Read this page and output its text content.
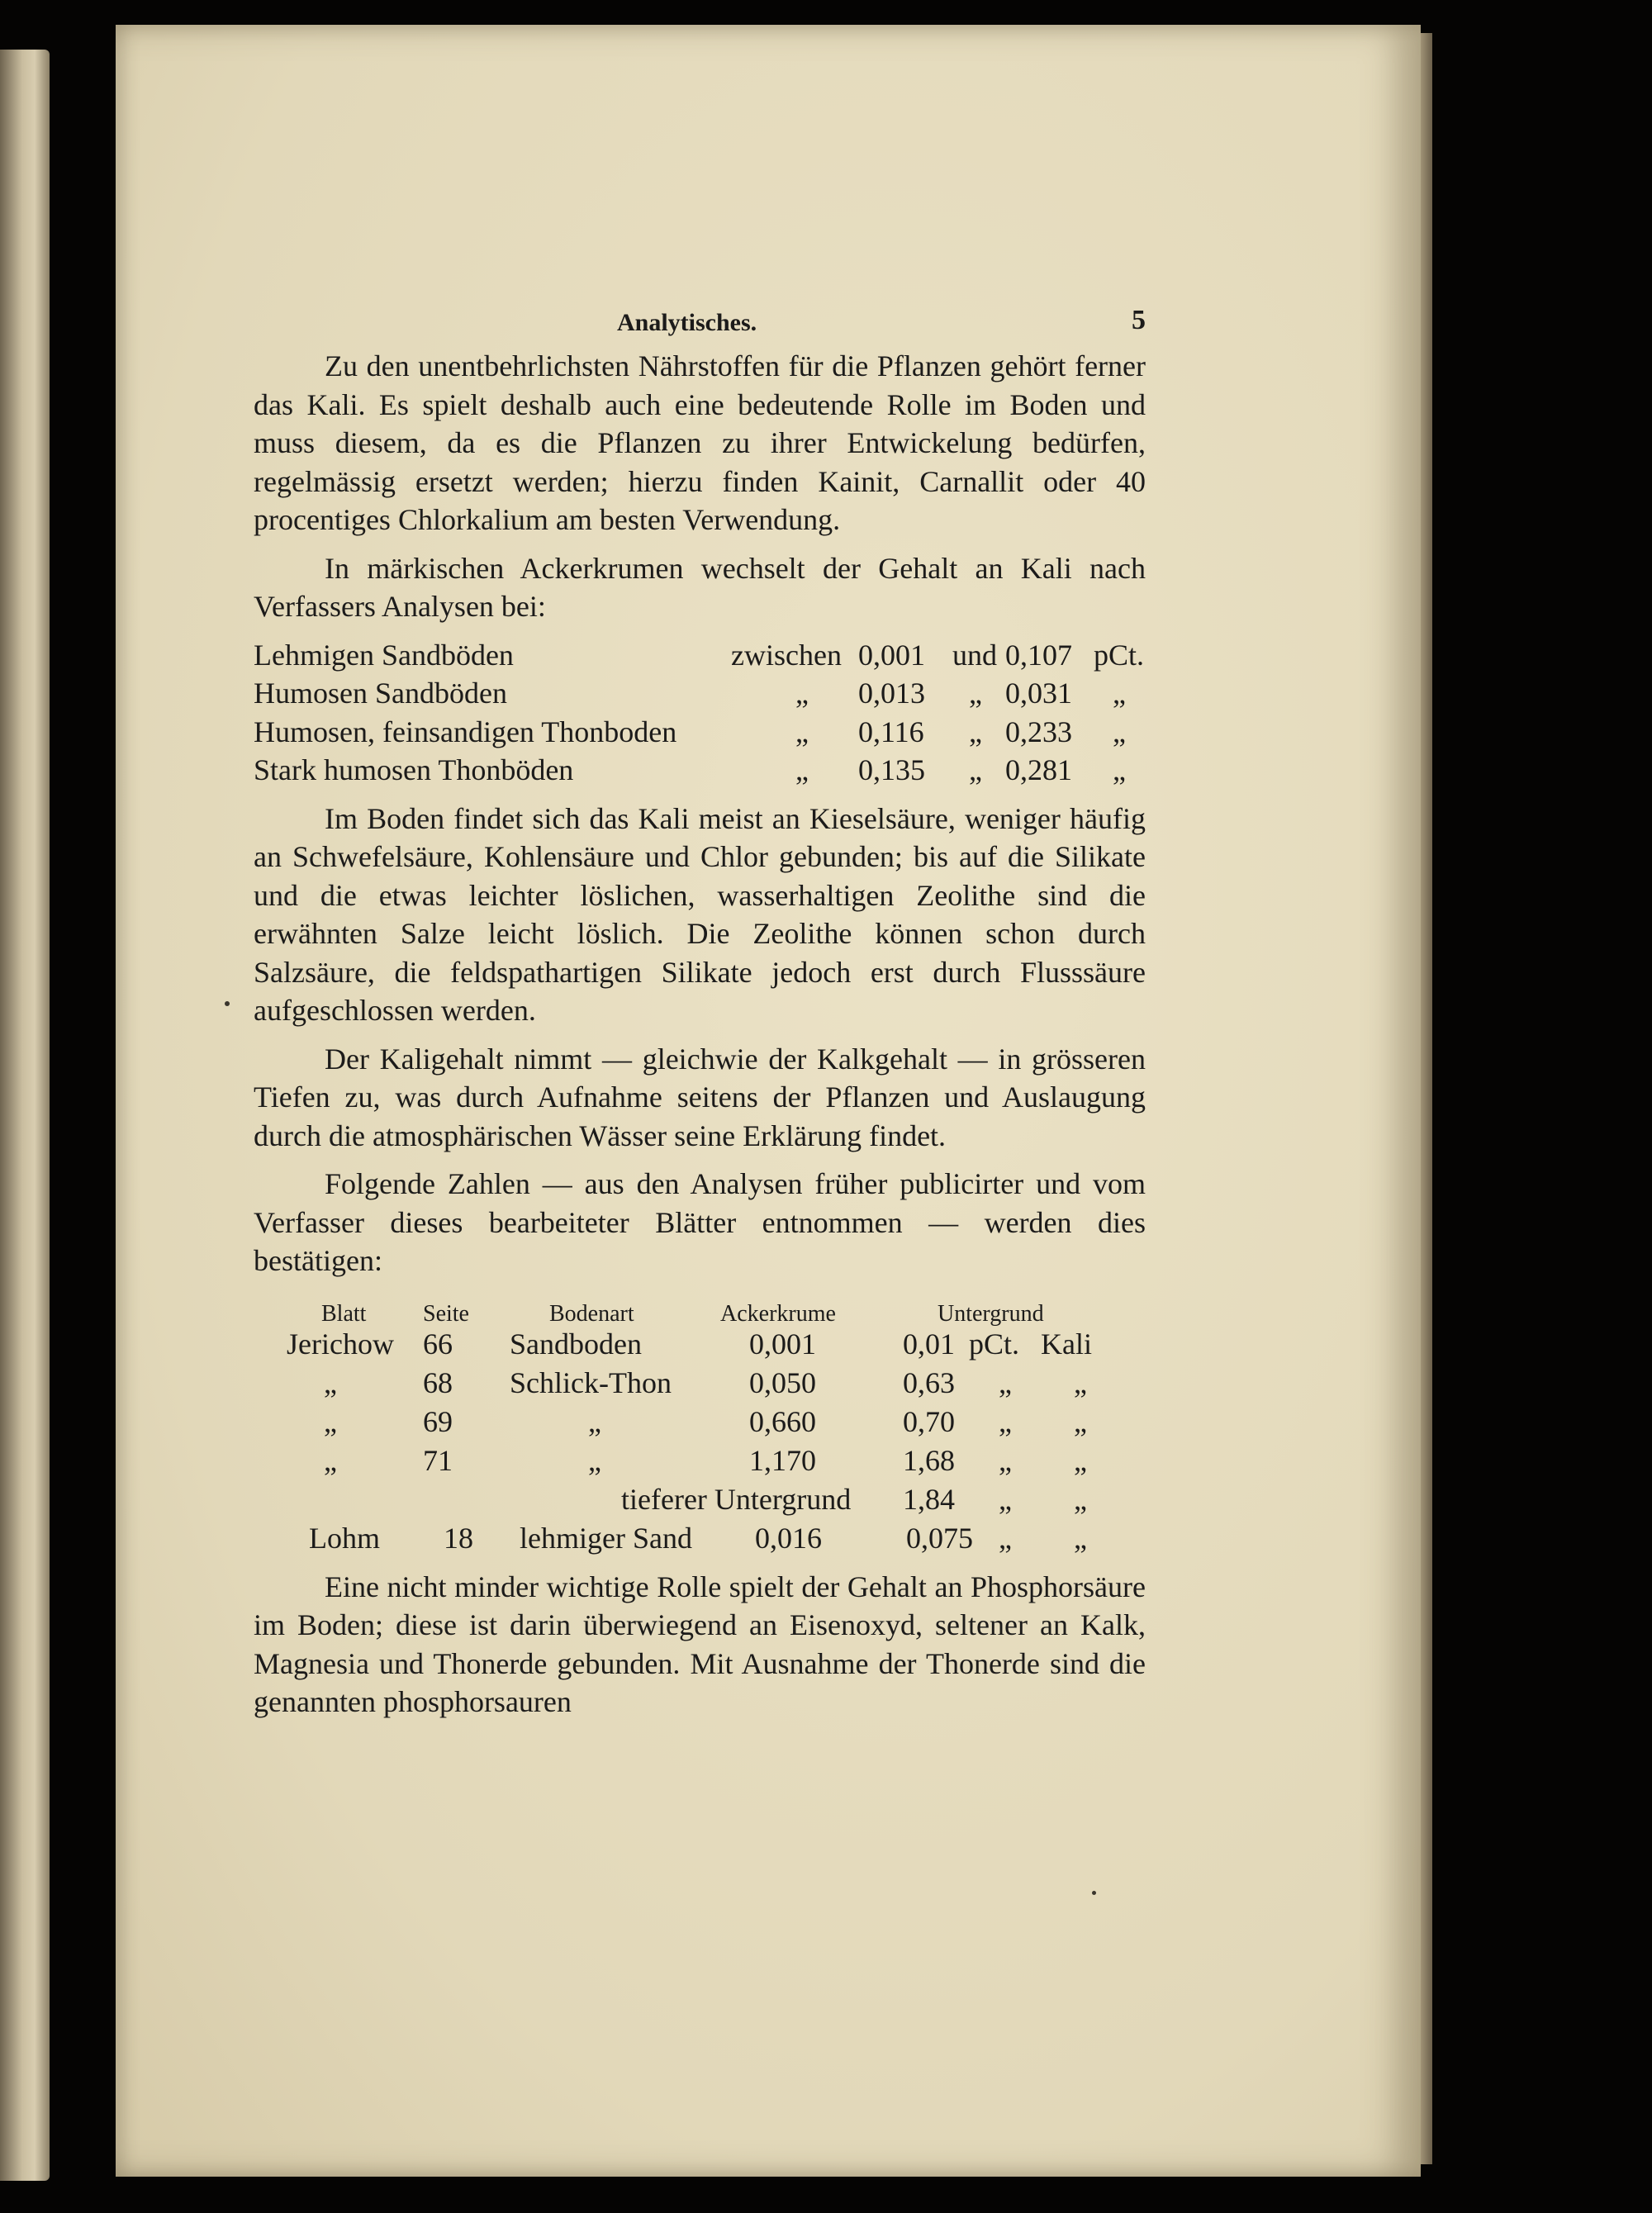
Analytisches.	5

Zu den unentbehrlichsten Nährstoffen für die Pflanzen gehört ferner das Kali. Es spielt deshalb auch eine bedeutende Rolle im Boden und muss diesem, da es die Pflanzen zu ihrer Entwickelung bedürfen, regelmässig ersetzt werden; hierzu finden Kainit, Carnallit oder 40 procentiges Chlorkalium am besten Verwendung.

In märkischen Ackerkrumen wechselt der Gehalt an Kali nach Verfassers Analysen bei:

Lehmigen Sandböden	zwischen 0,001 und 0,107 pCt.
Humosen Sandböden	„ 0,013 „ 0,031 „
Humosen, feinsandigen Thonboden	„ 0,116 „ 0,233 „
Stark humosen Thonböden	„ 0,135 „ 0,281 „

Im Boden findet sich das Kali meist an Kieselsäure, weniger häufig an Schwefelsäure, Kohlensäure und Chlor gebunden; bis auf die Silikate und die etwas leichter löslichen, wasserhaltigen Zeolithe sind die erwähnten Salze leicht löslich. Die Zeolithe können schon durch Salzsäure, die feldspathartigen Silikate jedoch erst durch Flusssäure aufgeschlossen werden.

Der Kaligehalt nimmt — gleichwie der Kalkgehalt — in grösseren Tiefen zu, was durch Aufnahme seitens der Pflanzen und Auslaugung durch die atmosphärischen Wässer seine Erklärung findet.

Folgende Zahlen — aus den Analysen früher publicirter und vom Verfasser dieses bearbeiteter Blätter entnommen — werden dies bestätigen:

Blatt Seite	Bodenart	Ackerkrume	Untergrund
Jerichow 66 Sandboden	0,001	0,01 pCt. Kali
„	68 Schlick-Thon	0,050	0,63 „ „
„	69	„	0,660	0,70 „ „
„	71	„	1,170	1,68 „ „
tieferer Untergrund 1,84 „ „
Lohm 18 lehmiger Sand 0,016	0,075 „ „

Eine nicht minder wichtige Rolle spielt der Gehalt an Phosphorsäure im Boden; diese ist darin überwiegend an Eisenoxyd, seltener an Kalk, Magnesia und Thonerde gebunden. Mit Ausnahme der Thonerde sind die genannten phosphorsauren
